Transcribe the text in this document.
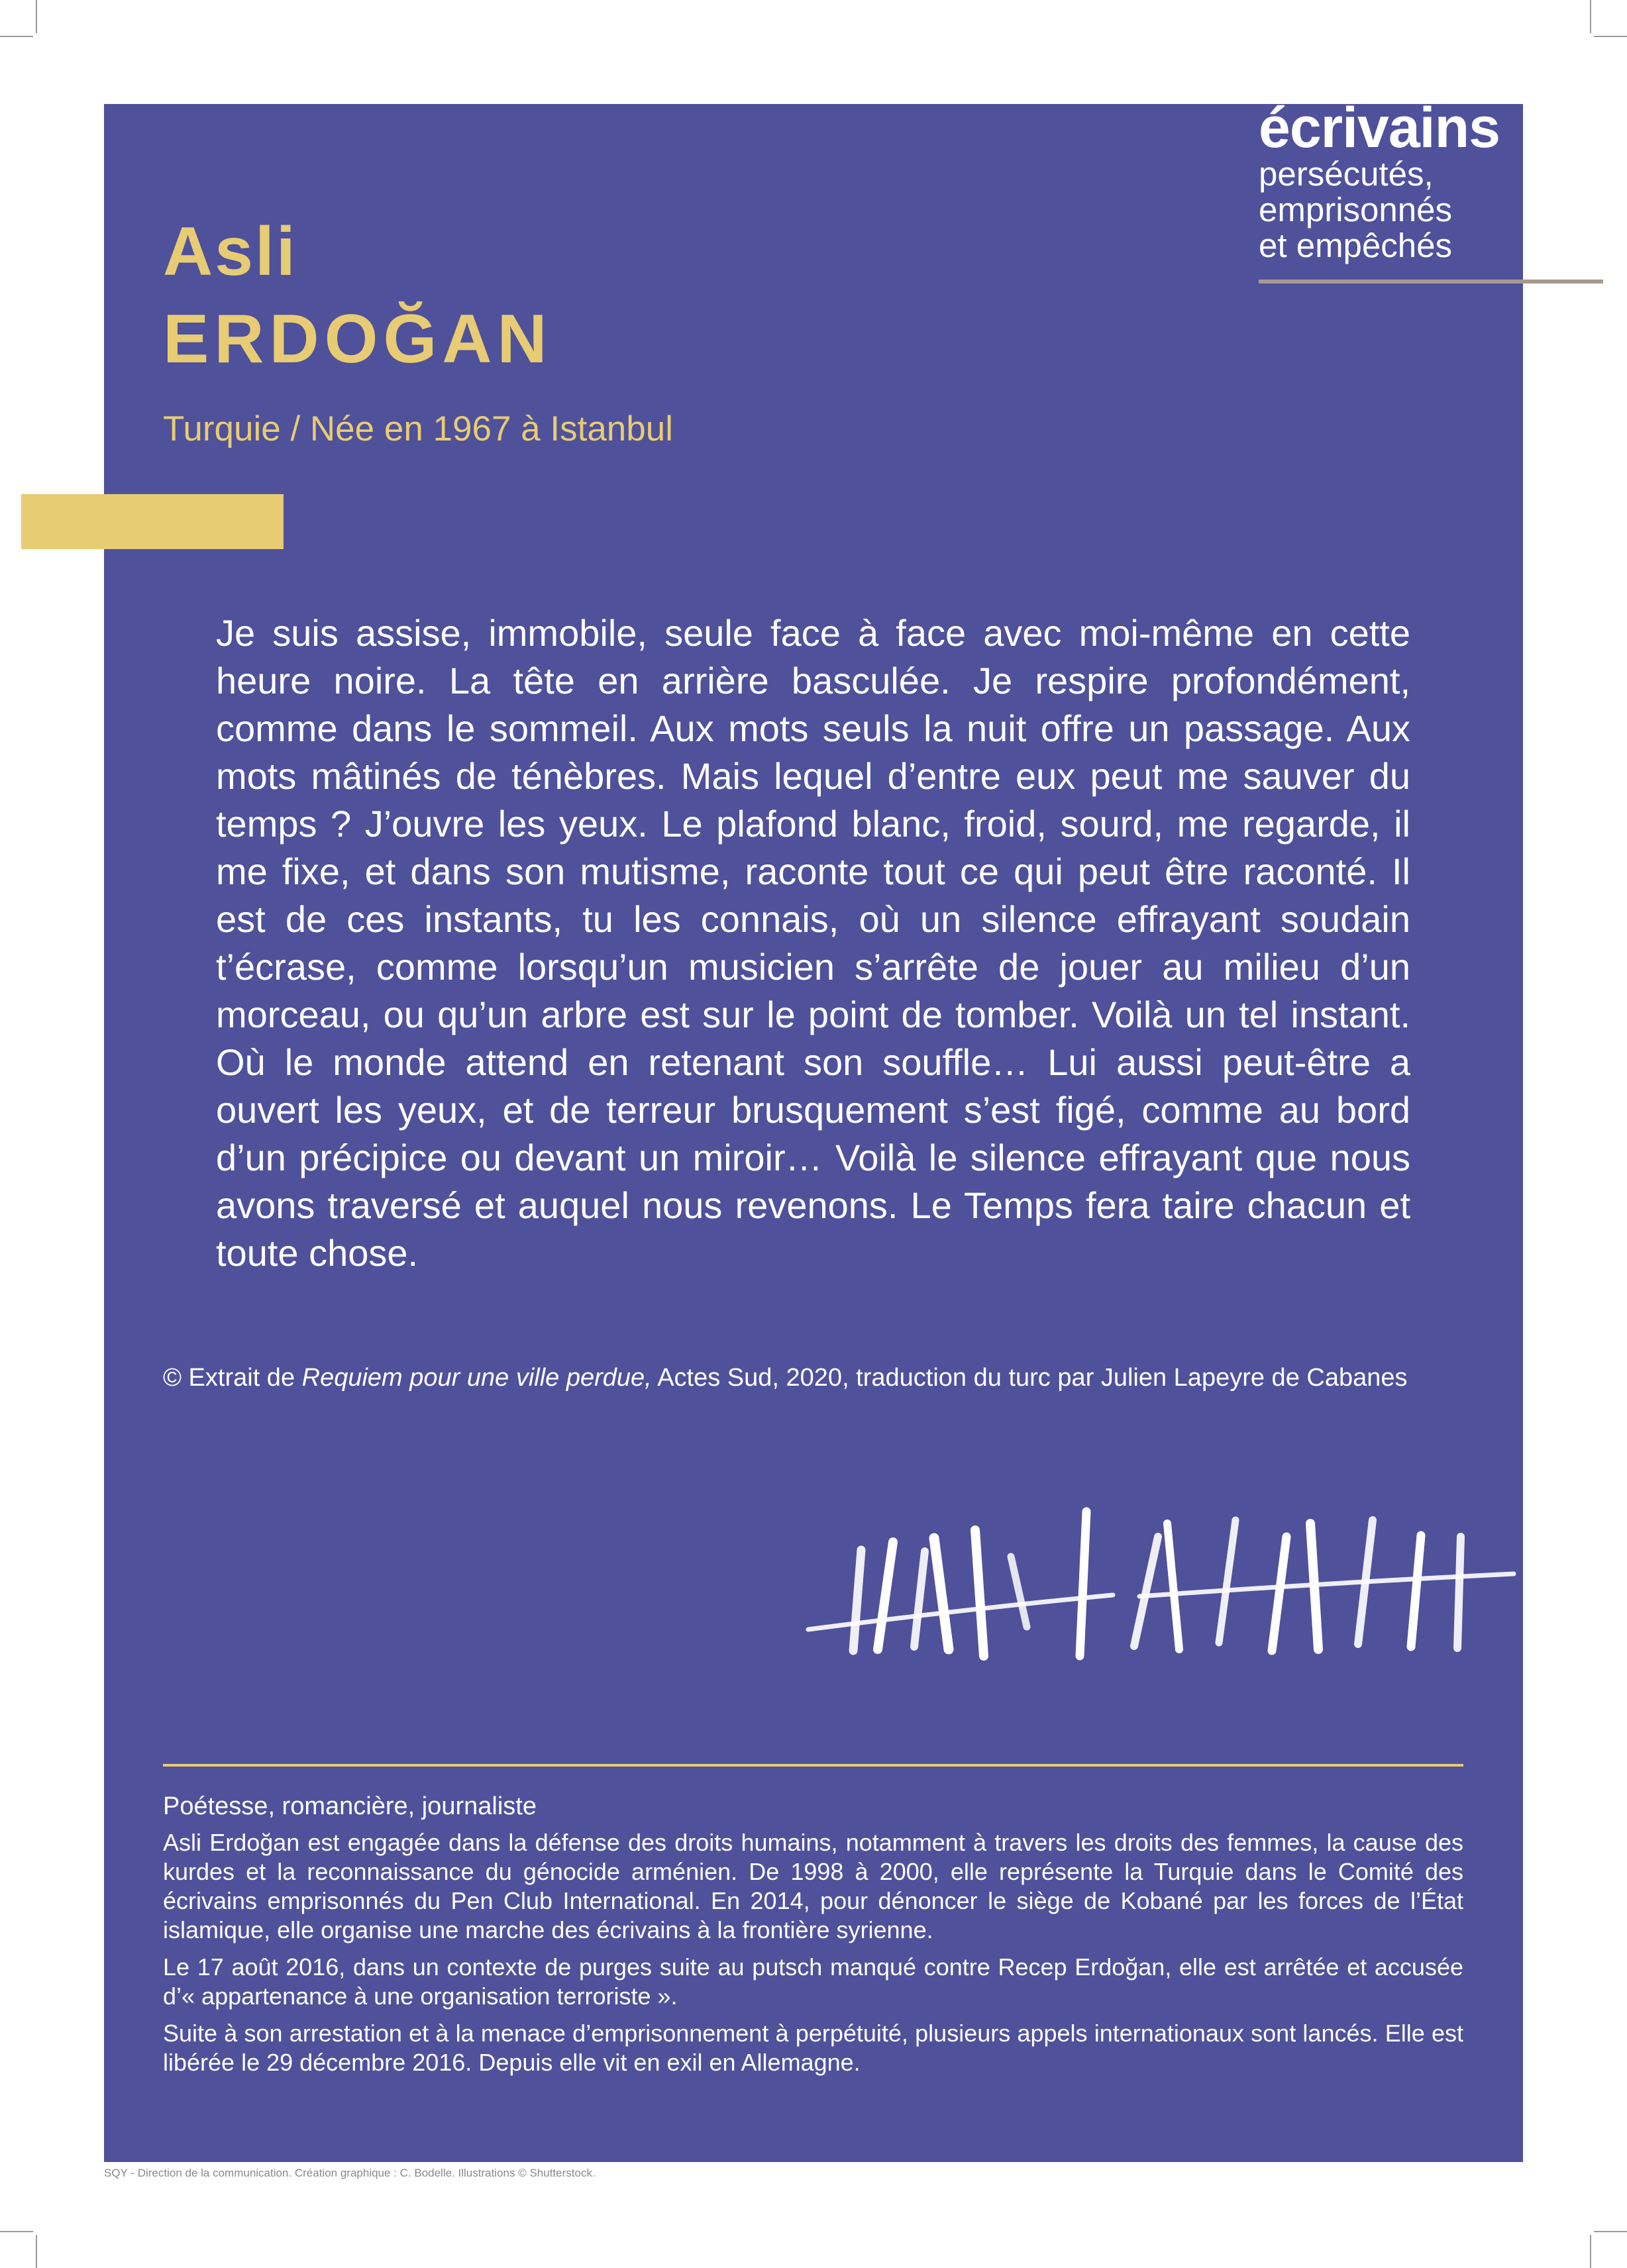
écrivains
persécutés,
emprisonnés
et empêchés
Asli
ERDOĞAN
Turquie / Née en 1967 à Istanbul

Je suis assise, immobile, seule face à face avec moi-même en cette heure noire. La tête en arrière basculée. Je respire profondément, comme dans le sommeil. Aux mots seuls la nuit offre un passage. Aux mots mâtinés de ténèbres. Mais lequel d’entre eux peut me sauver du temps ? J’ouvre les yeux. Le plafond blanc, froid, sourd, me regarde, il me fixe, et dans son mutisme, raconte tout ce qui peut être raconté. Il est de ces instants, tu les connais, où un silence effrayant soudain t’écrase, comme lorsqu’un musicien s’arrête de jouer au milieu d’un morceau, ou qu’un arbre est sur le point de tomber. Voilà un tel instant. Où le monde attend en retenant son souffle… Lui aussi peut-être a ouvert les yeux, et de terreur brusquement s’est figé, comme au bord d’un précipice ou devant un miroir… Voilà le silence effrayant que nous avons traversé et auquel nous revenons. Le Temps fera taire chacun et toute chose.

© Extrait de Requiem pour une ville perdue, Actes Sud, 2020, traduction du turc par Julien Lapeyre de Cabanes
Poétesse, romancière, journaliste

Asli Erdoğan est engagée dans la défense des droits humains, notamment à travers les droits des femmes, la cause des kurdes et la reconnaissance du génocide arménien. De 1998 à 2000, elle représente la Turquie dans le Comité des écrivains emprisonnés du Pen Club International. En 2014, pour dénoncer le siège de Kobané par les forces de l’État islamique, elle organise une marche des écrivains à la frontière syrienne.

Le 17 août 2016, dans un contexte de purges suite au putsch manqué contre Recep Erdoğan, elle est arrêtée et accusée d’« appartenance à une organisation terroriste ».

Suite à son arrestation et à la menace d’emprisonnement à perpétuité, plusieurs appels internationaux sont lancés. Elle est libérée le 29 décembre 2016. Depuis elle vit en exil en Allemagne.

SQY - Direction de la communication. Création graphique : C. Bodelle. Illustrations © Shutterstock.
